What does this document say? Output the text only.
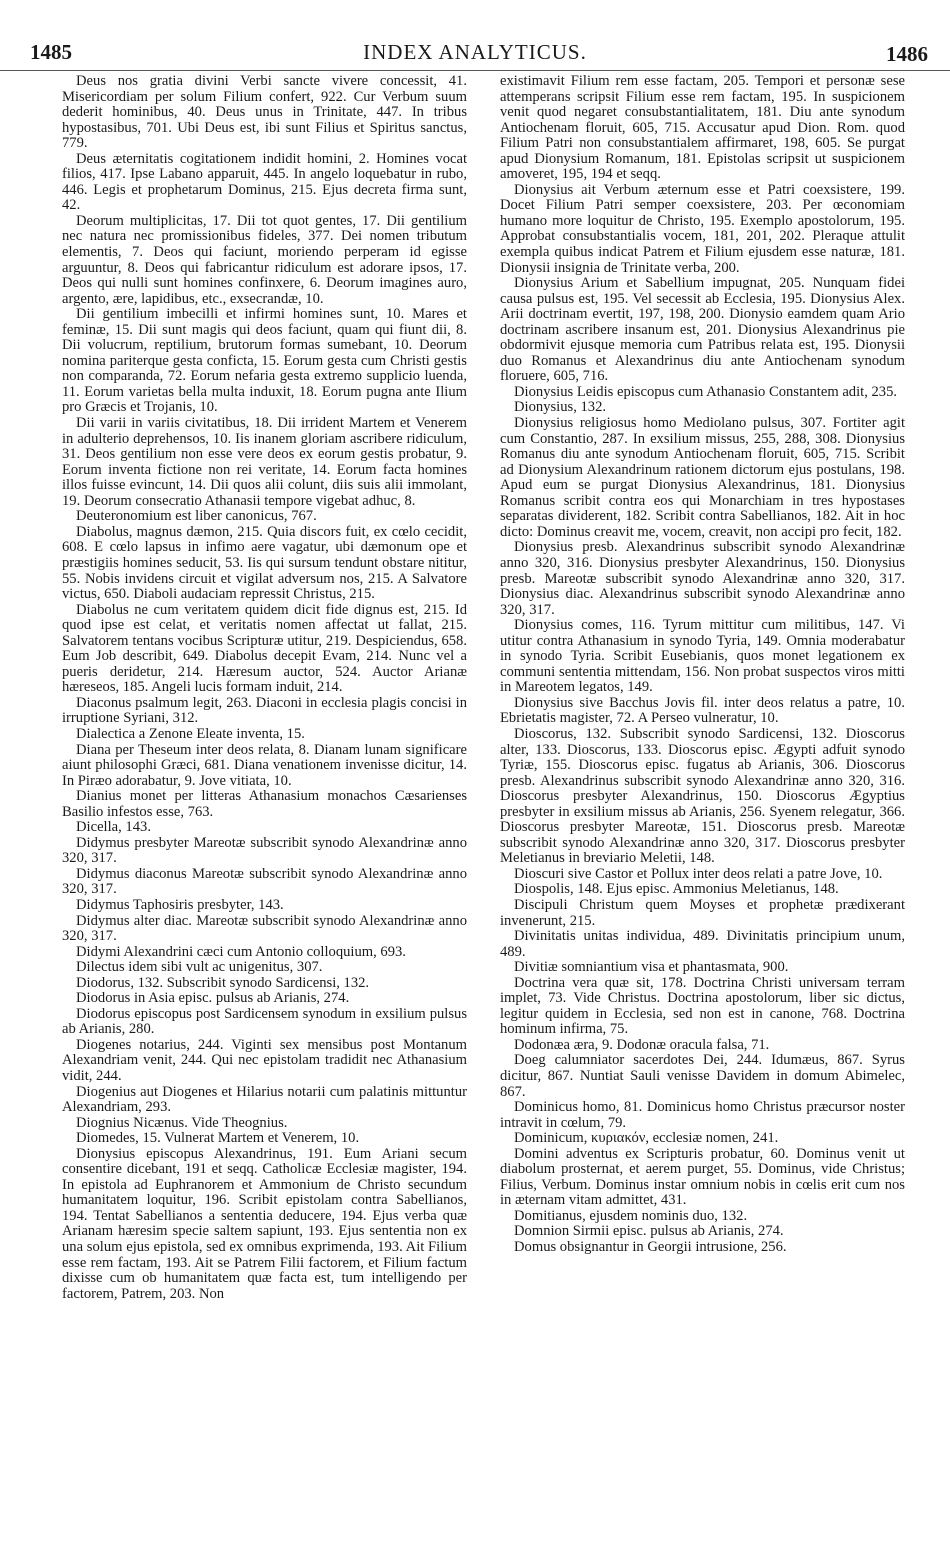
1485	INDEX ANALYTICUS.	1486

Deus nos gratia divini Verbi sancte vivere concessit, 41. Misericordiam per solum Filium confert, 922. Cur Verbum suum dederit hominibus, 40. Deus unus in Trinitate, 447. In tribus hypostasibus, 701. Ubi Deus est, ibi sunt Filius et Spiritus sanctus, 779.

Deus æternitatis cogitationem indidit homini, 2. Homines vocat filios, 417. Ipse Labano apparuit, 445. In angelo loquebatur in rubo, 446. Legis et prophetarum Dominus, 215. Ejus decreta firma sunt, 42.

Deorum multiplicitas, 17. Dii tot quot gentes, 17. Dii gentilium nec natura nec promissionibus fideles, 377. Dei nomen tributum elementis, 7. Deos qui faciunt, moriendo perperam id egisse arguuntur, 8. Deos qui fabricantur ridiculum est adorare ipsos, 17. Deos qui nulli sunt homines confinxere, 6. Deorum imagines auro, argento, ære, lapidibus, etc., exsecrandæ, 10.

Dii gentilium imbecilli et infirmi homines sunt, 10. Mares et feminæ, 15. Dii sunt magis qui deos faciunt, quam qui fiunt dii, 8. Dii volucrum, reptilium, brutorum formas sumebant, 10. Deorum nomina pariterque gesta conficta, 15. Eorum gesta cum Christi gestis non comparanda, 72. Eorum nefaria gesta extremo supplicio luenda, 11. Eorum varietas bella multa induxit, 18. Eorum pugna ante Ilium pro Græcis et Trojanis, 10.

Dii varii in variis civitatibus, 18. Dii irrident Martem et Venerem in adulterio deprehensos, 10. Iis inanem gloriam ascribere ridiculum, 31. Deos gentilium non esse vere deos ex eorum gestis probatur, 9. Eorum inventa fictione non rei veritate, 14. Eorum facta homines illos fuisse evincunt, 14. Dii quos alii colunt, diis suis alii immolant, 19. Deorum consecratio Athanasii tempore vigebat adhuc, 8.

Deuteronomium est liber canonicus, 767.

Diabolus, magnus dæmon, 215. Quia discors fuit, ex cœlo cecidit, 608. E cœlo lapsus in infimo aere vagatur, ubi dæmonum ope et præstigiis homines seducit, 53. Iis qui sursum tendunt obstare nititur, 55. Nobis invidens circuit et vigilat adversum nos, 215. A Salvatore victus, 650. Diaboli audaciam repressit Christus, 215.

Diabolus ne cum veritatem quidem dicit fide dignus est, 215. Id quod ipse est celat, et veritatis nomen affectat ut fallat, 215. Salvatorem tentans vocibus Scripturæ utitur, 219. Despiciendus, 658. Eum Job describit, 649. Diabolus decepit Evam, 214. Nunc vel a pueris deridetur, 214. Hæresum auctor, 524. Auctor Arianæ hæreseos, 185. Angeli lucis formam induit, 214.

Diaconus psalmum legit, 263. Diaconi in ecclesia plagis concisi in irruptione Syriani, 312.

Dialectica a Zenone Eleate inventa, 15.

Diana per Theseum inter deos relata, 8. Dianam lunam significare aiunt philosophi Græci, 681. Diana venationem invenisse dicitur, 14. In Piræo adorabatur, 9. Jove vitiata, 10.

Dianius monet per litteras Athanasium monachos Cæsarienses Basilio infestos esse, 763.

Dicella, 143.

Didymus presbyter Mareotæ subscribit synodo Alexandrinæ anno 320, 317.

Didymus diaconus Mareotæ subscribit synodo Alexandrinæ anno 320, 317.

Didymus Taphosiris presbyter, 143.

Didymus alter diac. Mareotæ subscribit synodo Alexandrinæ anno 320, 317.

Didymi Alexandrini cæci cum Antonio colloquium, 693.

Dilectus idem sibi vult ac unigenitus, 307.

Diodorus, 132. Subscribit synodo Sardicensi, 132.

Diodorus in Asia episc. pulsus ab Arianis, 274.

Diodorus episcopus post Sardicensem synodum in exsilium pulsus ab Arianis, 280.

Diogenes notarius, 244. Viginti sex mensibus post Montanum Alexandriam venit, 244. Qui nec epistolam tradidit nec Athanasium vidit, 244.

Diogenius aut Diogenes et Hilarius notarii cum palatinis mittuntur Alexandriam, 293.

Diognius Nicænus. Vide Theognius.

Diomedes, 15. Vulnerat Martem et Venerem, 10.

Dionysius episcopus Alexandrinus, 191. Eum Ariani secum consentire dicebant, 191 et seqq. Catholicæ Ecclesiæ magister, 194. In epistola ad Euphranorem et Ammonium de Christo secundum humanitatem loquitur, 196. Scribit epistolam contra Sabellianos, 194. Tentat Sabellianos a sententia deducere, 194. Ejus verba quæ Arianam hæresim specie saltem sapiunt, 193. Ejus sententia non ex una solum ejus epistola, sed ex omnibus exprimenda, 193. Ait Filium esse rem factam, 193. Ait se Patrem Filii factorem, et Filium factum dixisse cum ob humanitatem quæ facta est, tum intelligendo per factorem, Patrem, 203. Non

existimavit Filium rem esse factam, 205. Tempori et personæ sese attemperans scripsit Filium esse rem factam, 195. In suspicionem venit quod negaret consubstantialitatem, 181. Diu ante synodum Antiochenam floruit, 605, 715. Accusatur apud Dion. Rom. quod Filium Patri non consubstantialem affirmaret, 198, 605. Se purgat apud Dionysium Romanum, 181. Epistolas scripsit ut suspicionem amoveret, 195, 194 et seqq.

Dionysius ait Verbum æternum esse et Patri coexsistere, 199. Docet Filium Patri semper coexsistere, 203. Per œconomiam humano more loquitur de Christo, 195. Exemplo apostolorum, 195. Approbat consubstantialis vocem, 181, 201, 202. Pleraque attulit exempla quibus indicat Patrem et Filium ejusdem esse naturæ, 181. Dionysii insignia de Trinitate verba, 200.

Dionysius Arium et Sabellium impugnat, 205. Nunquam fidei causa pulsus est, 195. Vel secessit ab Ecclesia, 195. Dionysius Alex. Arii doctrinam evertit, 197, 198, 200. Dionysio eamdem quam Ario doctrinam ascribere insanum est, 201. Dionysius Alexandrinus pie obdormivit ejusque memoria cum Patribus relata est, 195. Dionysii duo Romanus et Alexandrinus diu ante Antiochenam synodum floruere, 605, 716.

Dionysius Leidis episcopus cum Athanasio Constantem adit, 235.

Dionysius, 132.

Dionysius religiosus homo Mediolano pulsus, 307. Fortiter agit cum Constantio, 287. In exsilium missus, 255, 288, 308. Dionysius Romanus diu ante synodum Antiochenam floruit, 605, 715. Scribit ad Dionysium Alexandrinum rationem dictorum ejus postulans, 198. Apud eum se purgat Dionysius Alexandrinus, 181. Dionysius Romanus scribit contra eos qui Monarchiam in tres hypostases separatas dividerent, 182. Scribit contra Sabellianos, 182. Ait in hoc dicto: Dominus creavit me, vocem, creavit, non accipi pro fecit, 182.

Dionysius presb. Alexandrinus subscribit synodo Alexandrinæ anno 320, 316. Dionysius presbyter Alexandrinus, 150. Dionysius presb. Mareotæ subscribit synodo Alexandrinæ anno 320, 317. Dionysius diac. Alexandrinus subscribit synodo Alexandrinæ anno 320, 317.

Dionysius comes, 116. Tyrum mittitur cum militibus, 147. Vi utitur contra Athanasium in synodo Tyria, 149. Omnia moderabatur in synodo Tyria. Scribit Eusebianis, quos monet legationem ex communi sententia mittendam, 156. Non probat suspectos viros mitti in Mareotem legatos, 149.

Dionysius sive Bacchus Jovis fil. inter deos relatus a patre, 10. Ebrietatis magister, 72. A Perseo vulneratur, 10.

Dioscorus, 132. Subscribit synodo Sardicensi, 132. Dioscorus alter, 133. Dioscorus, 133. Dioscorus episc. Ægypti adfuit synodo Tyriæ, 155. Dioscorus episc. fugatus ab Arianis, 306. Dioscorus presb. Alexandrinus subscribit synodo Alexandrinæ anno 320, 316. Dioscorus presbyter Alexandrinus, 150. Dioscorus Ægyptius presbyter in exsilium missus ab Arianis, 256. Syenem relegatur, 366. Dioscorus presbyter Mareotæ, 151. Dioscorus presb. Mareotæ subscribit synodo Alexandrinæ anno 320, 317. Dioscorus presbyter Meletianus in breviario Meletii, 148.

Dioscuri sive Castor et Pollux inter deos relati a patre Jove, 10.

Diospolis, 148. Ejus episc. Ammonius Meletianus, 148.

Discipuli Christum quem Moyses et prophetæ prædixerant invenerunt, 215.

Divinitatis unitas individua, 489. Divinitatis principium unum, 489.

Divitiæ somniantium visa et phantasmata, 900.

Doctrina vera quæ sit, 178. Doctrina Christi universam terram implet, 73. Vide Christus. Doctrina apostolorum, liber sic dictus, legitur quidem in Ecclesia, sed non est in canone, 768. Doctrina hominum infirma, 75.

Dodonæa æra, 9. Dodonæ oracula falsa, 71.

Doeg calumniator sacerdotes Dei, 244. Idumæus, 867. Syrus dicitur, 867. Nuntiat Sauli venisse Davidem in domum Abimelec, 867.

Dominicus homo, 81. Dominicus homo Christus præcursor noster intravit in cœlum, 79.

Dominicum, κυριακόν, ecclesiæ nomen, 241.

Domini adventus ex Scripturis probatur, 60. Dominus venit ut diabolum prosternat, et aerem purget, 55. Dominus, vide Christus; Filius, Verbum. Dominus instar omnium nobis in cœlis erit cum nos in æternam vitam admittet, 431.

Domitianus, ejusdem nominis duo, 132.

Domnion Sirmii episc. pulsus ab Arianis, 274.

Domus obsignantur in Georgii intrusione, 256.
